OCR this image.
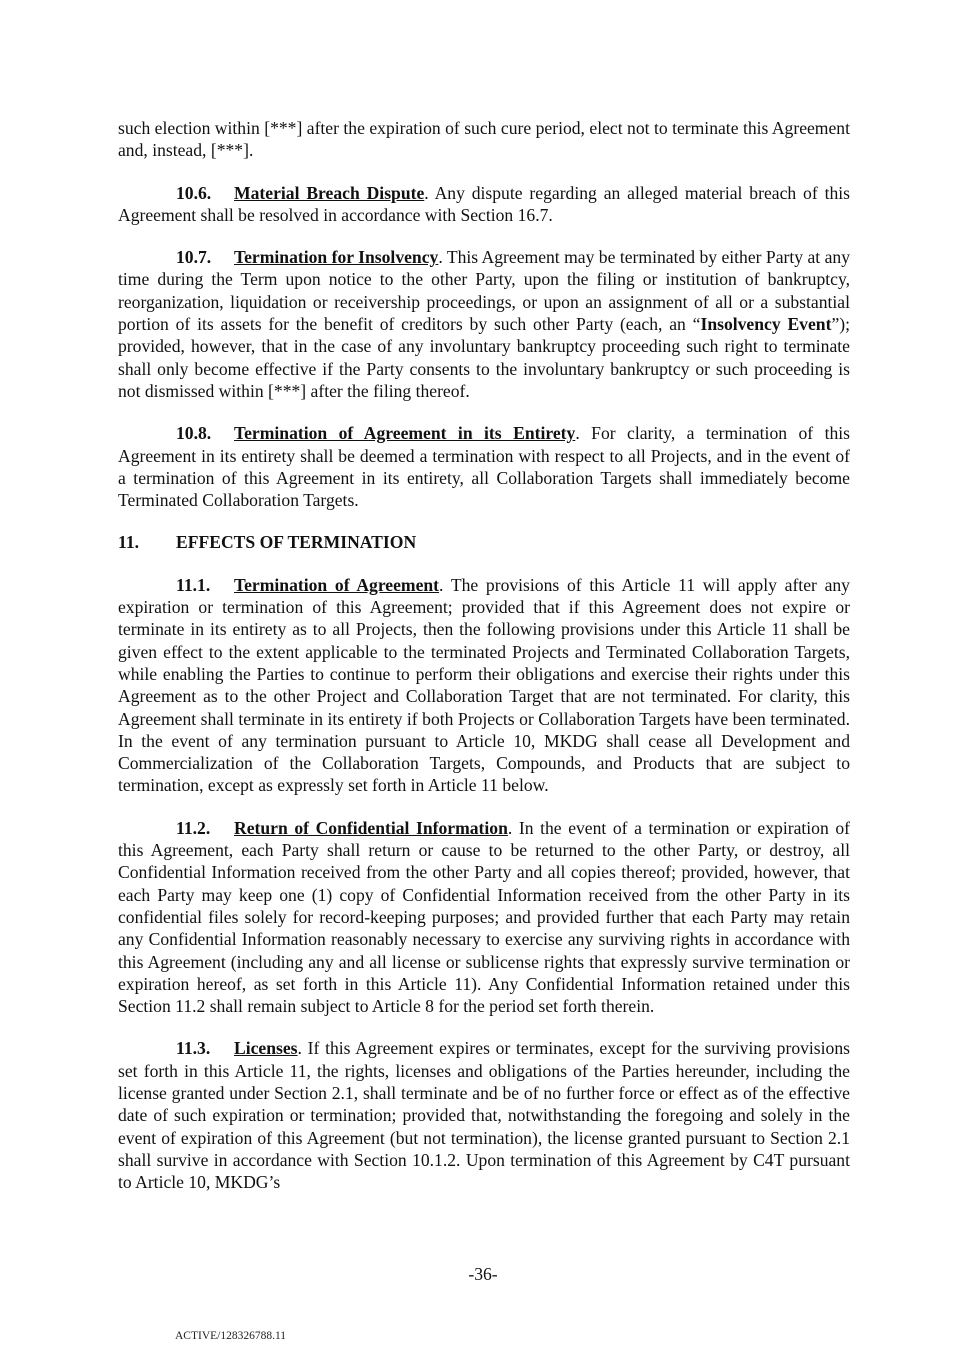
such election within [***] after the expiration of such cure period, elect not to terminate this Agreement and, instead, [***].

10.6. Material Breach Dispute. Any dispute regarding an alleged material breach of this Agreement shall be resolved in accordance with Section 16.7.

10.7. Termination for Insolvency. This Agreement may be terminated by either Party at any time during the Term upon notice to the other Party, upon the filing or institution of bankruptcy, reorganization, liquidation or receivership proceedings, or upon an assignment of all or a substantial portion of its assets for the benefit of creditors by such other Party (each, an “Insolvency Event”); provided, however, that in the case of any involuntary bankruptcy proceeding such right to terminate shall only become effective if the Party consents to the involuntary bankruptcy or such proceeding is not dismissed within [***] after the filing thereof.

10.8. Termination of Agreement in its Entirety. For clarity, a termination of this Agreement in its entirety shall be deemed a termination with respect to all Projects, and in the event of a termination of this Agreement in its entirety, all Collaboration Targets shall immediately become Terminated Collaboration Targets.

11. EFFECTS OF TERMINATION

11.1. Termination of Agreement. The provisions of this Article 11 will apply after any expiration or termination of this Agreement; provided that if this Agreement does not expire or terminate in its entirety as to all Projects, then the following provisions under this Article 11 shall be given effect to the extent applicable to the terminated Projects and Terminated Collaboration Targets, while enabling the Parties to continue to perform their obligations and exercise their rights under this Agreement as to the other Project and Collaboration Target that are not terminated. For clarity, this Agreement shall terminate in its entirety if both Projects or Collaboration Targets have been terminated. In the event of any termination pursuant to Article 10, MKDG shall cease all Development and Commercialization of the Collaboration Targets, Compounds, and Products that are subject to termination, except as expressly set forth in Article 11 below.

11.2. Return of Confidential Information. In the event of a termination or expiration of this Agreement, each Party shall return or cause to be returned to the other Party, or destroy, all Confidential Information received from the other Party and all copies thereof; provided, however, that each Party may keep one (1) copy of Confidential Information received from the other Party in its confidential files solely for record-keeping purposes; and provided further that each Party may retain any Confidential Information reasonably necessary to exercise any surviving rights in accordance with this Agreement (including any and all license or sublicense rights that expressly survive termination or expiration hereof, as set forth in this Article 11). Any Confidential Information retained under this Section 11.2 shall remain subject to Article 8 for the period set forth therein.

11.3. Licenses. If this Agreement expires or terminates, except for the surviving provisions set forth in this Article 11, the rights, licenses and obligations of the Parties hereunder, including the license granted under Section 2.1, shall terminate and be of no further force or effect as of the effective date of such expiration or termination; provided that, notwithstanding the foregoing and solely in the event of expiration of this Agreement (but not termination), the license granted pursuant to Section 2.1 shall survive in accordance with Section 10.1.2. Upon termination of this Agreement by C4T pursuant to Article 10, MKDG’s

-36-
ACTIVE/128326788.11
